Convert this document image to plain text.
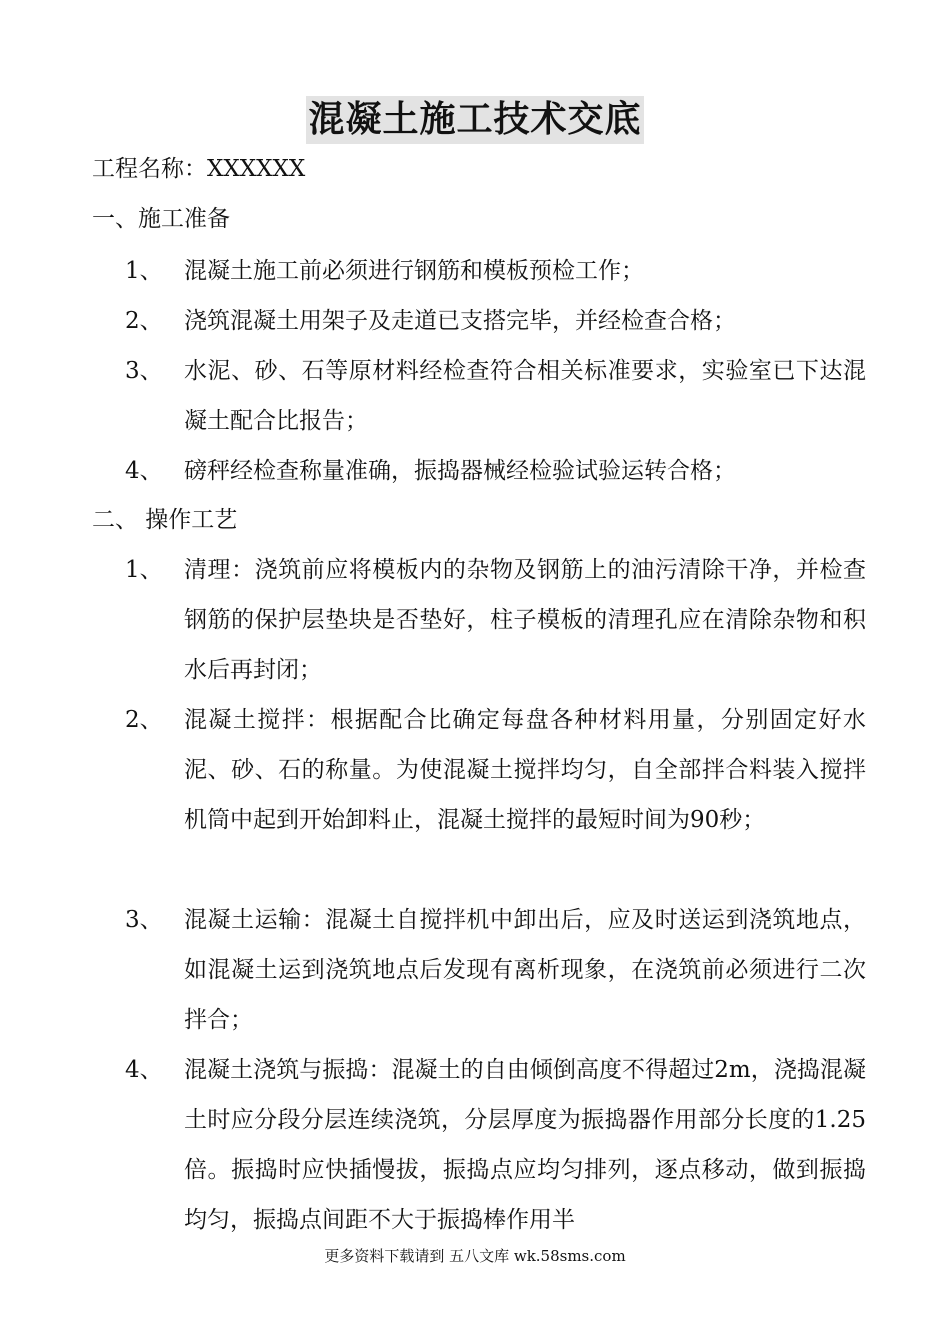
混凝土施工技术交底
工程名称：XXXXXX
一、施工准备
1、 混凝土施工前必须进行钢筋和模板预检工作；
2、 浇筑混凝土用架子及走道已支搭完毕，并经检查合格；
3、 水泥、砂、石等原材料经检查符合相关标准要求，实验室已下达混凝土配合比报告；
4、 磅秤经检查称量准确，振捣器械经检验试验运转合格；
二、 操作工艺
1、 清理：浇筑前应将模板内的杂物及钢筋上的油污清除干净，并检查钢筋的保护层垫块是否垫好，柱子模板的清理孔应在清除杂物和积水后再封闭；
2、 混凝土搅拌：根据配合比确定每盘各种材料用量，分别固定好水泥、砂、石的称量。为使混凝土搅拌均匀，自全部拌合料装入搅拌机筒中起到开始卸料止，混凝土搅拌的最短时间为90秒；
3、 混凝土运输：混凝土自搅拌机中卸出后，应及时送运到浇筑地点，如混凝土运到浇筑地点后发现有离析现象，在浇筑前必须进行二次拌合；
4、 混凝土浇筑与振捣：混凝土的自由倾倒高度不得超过2m，浇捣混凝土时应分段分层连续浇筑，分层厚度为振捣器作用部分长度的1.25倍。振捣时应快插慢拔，振捣点应均匀排列，逐点移动，做到振捣均匀，振捣点间距不大于振捣棒作用半
更多资料下载请到 五八文库 wk.58sms.com
